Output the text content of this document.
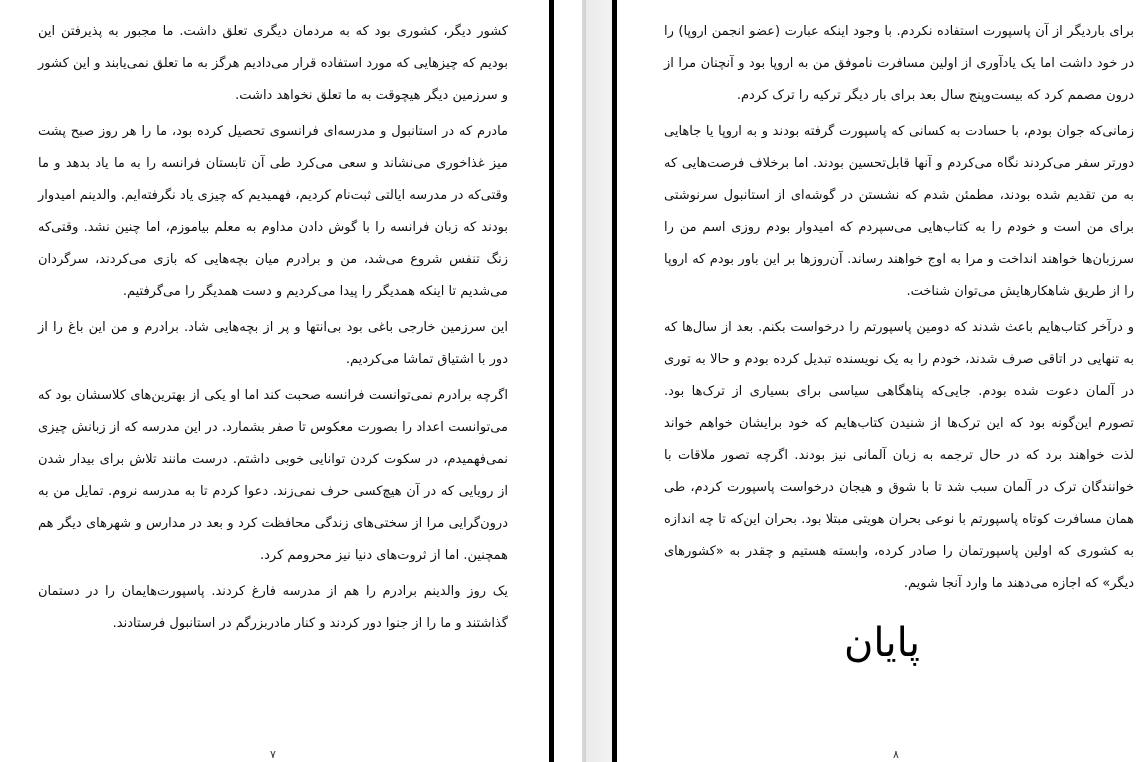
کشور دیگر، کشوری بود که به مردمان دیگری تعلق داشت. ما مجبور به پذیرفتن این بودیم که چیزهایی که مورد استفاده قرار می‌دادیم هرگز به ما تعلق نمی‌یابند و این کشور و سرزمین دیگر هیچوقت به ما تعلق نخواهد داشت.

مادرم که در استانبول و مدرسه‌ای فرانسوی تحصیل کرده بود، ما را هر روز صبح پشت میز غذاخوری می‌نشاند و سعی می‌کرد طی آن تابستان فرانسه را به ما یاد بدهد و ما وقتی‌که در مدرسه ایالتی ثبت‌نام کردیم، فهمیدیم که چیزی یاد نگرفته‌ایم. والدینم امیدوار بودند که زبان فرانسه را با گوش دادن مداوم به معلم بیاموزم، اما چنین نشد. وقتی‌که زنگ تنفس شروع می‌شد، من و برادرم میان بچه‌هایی که بازی می‌کردند، سرگردان می‌شدیم تا اینکه همدیگر را پیدا می‌کردیم و دست همدیگر را می‌گرفتیم.

این سرزمین خارجی باغی بود بی‌انتها و پر از بچه‌هایی شاد. برادرم و من این باغ را از دور با اشتیاق تماشا می‌کردیم.

اگرچه برادرم نمی‌توانست فرانسه صحبت کند اما او یکی از بهترین‌های کلاسشان بود که می‌توانست اعداد را بصورت معکوس تا صفر بشمارد. در این مدرسه که از زبانش چیزی نمی‌فهمیدم، در سکوت کردن توانایی خوبی داشتم. درست مانند تلاش برای بیدار شدن از رویایی که در آن هیچ‌کسی حرف نمی‌زند. دعوا کردم تا به مدرسه نروم. تمایل من به درون‌گرایی مرا از سختی‌های زندگی محافظت کرد و بعد در مدارس و شهرهای دیگر هم همچنین. اما از ثروت‌های دنیا نیز محرومم کرد.

یک روز والدینم برادرم را هم از مدرسه فارغ کردند. پاسپورت‌هایمان را در دستمان گذاشتند و ما را از جنوا دور کردند و کنار مادربزرگم در استانبول فرستادند.

۷

برای باردیگر از آن پاسپورت استفاده نکردم. با وجود اینکه عبارت (عضو انجمن اروپا) را در خود داشت اما یک یادآوری از اولین مسافرت ناموفق من به اروپا بود و آنچنان مرا از درون مصمم کرد که بیست‌وپنج سال بعد برای بار دیگر ترکیه را ترک کردم.

زمانی‌که جوان بودم، با حسادت به کسانی که پاسپورت گرفته بودند و به اروپا یا جاهایی دورتر سفر می‌کردند نگاه می‌کردم و آنها قابل‌تحسین بودند. اما برخلاف فرصت‌هایی که به من تقدیم شده بودند، مطمئن شدم که نشستن در گوشه‌ای از استانبول سرنوشتی برای من است و خودم را به کتاب‌هایی می‌سپردم که امیدوار بودم روزی اسم من را سرزبان‌ها خواهند انداخت و مرا به اوج خواهند رساند. آن‌روزها بر این باور بودم که اروپا را از طریق شاهکارهایش می‌توان شناخت.

و درآخر کتاب‌هایم باعث شدند که دومین پاسپورتم را درخواست بکنم. بعد از سال‌ها که به تنهایی در اتاقی صرف شدند، خودم را به یک نویسنده تبدیل کرده بودم و حالا به توری در آلمان دعوت شده بودم. جایی‌که پناهگاهی سیاسی برای بسیاری از ترک‌ها بود. تصورم این‌گونه بود که این ترک‌ها از شنیدن کتاب‌هایم که خود برایشان خواهم خواند لذت خواهند برد که در حال ترجمه به زبان آلمانی نیز بودند. اگرچه تصور ملاقات با خوانندگان ترک در آلمان سبب شد تا با شوق و هیجان درخواست پاسپورت کردم، طی همان مسافرت کوتاه پاسپورتم با نوعی بحران هویتی مبتلا بود. بحران این‌که تا چه اندازه به کشوری که اولین پاسپورتمان را صادر کرده، وابسته هستیم و چقدر به «کشورهای دیگر» که اجازه می‌دهند ما وارد آنجا شویم.

پایان
۸
